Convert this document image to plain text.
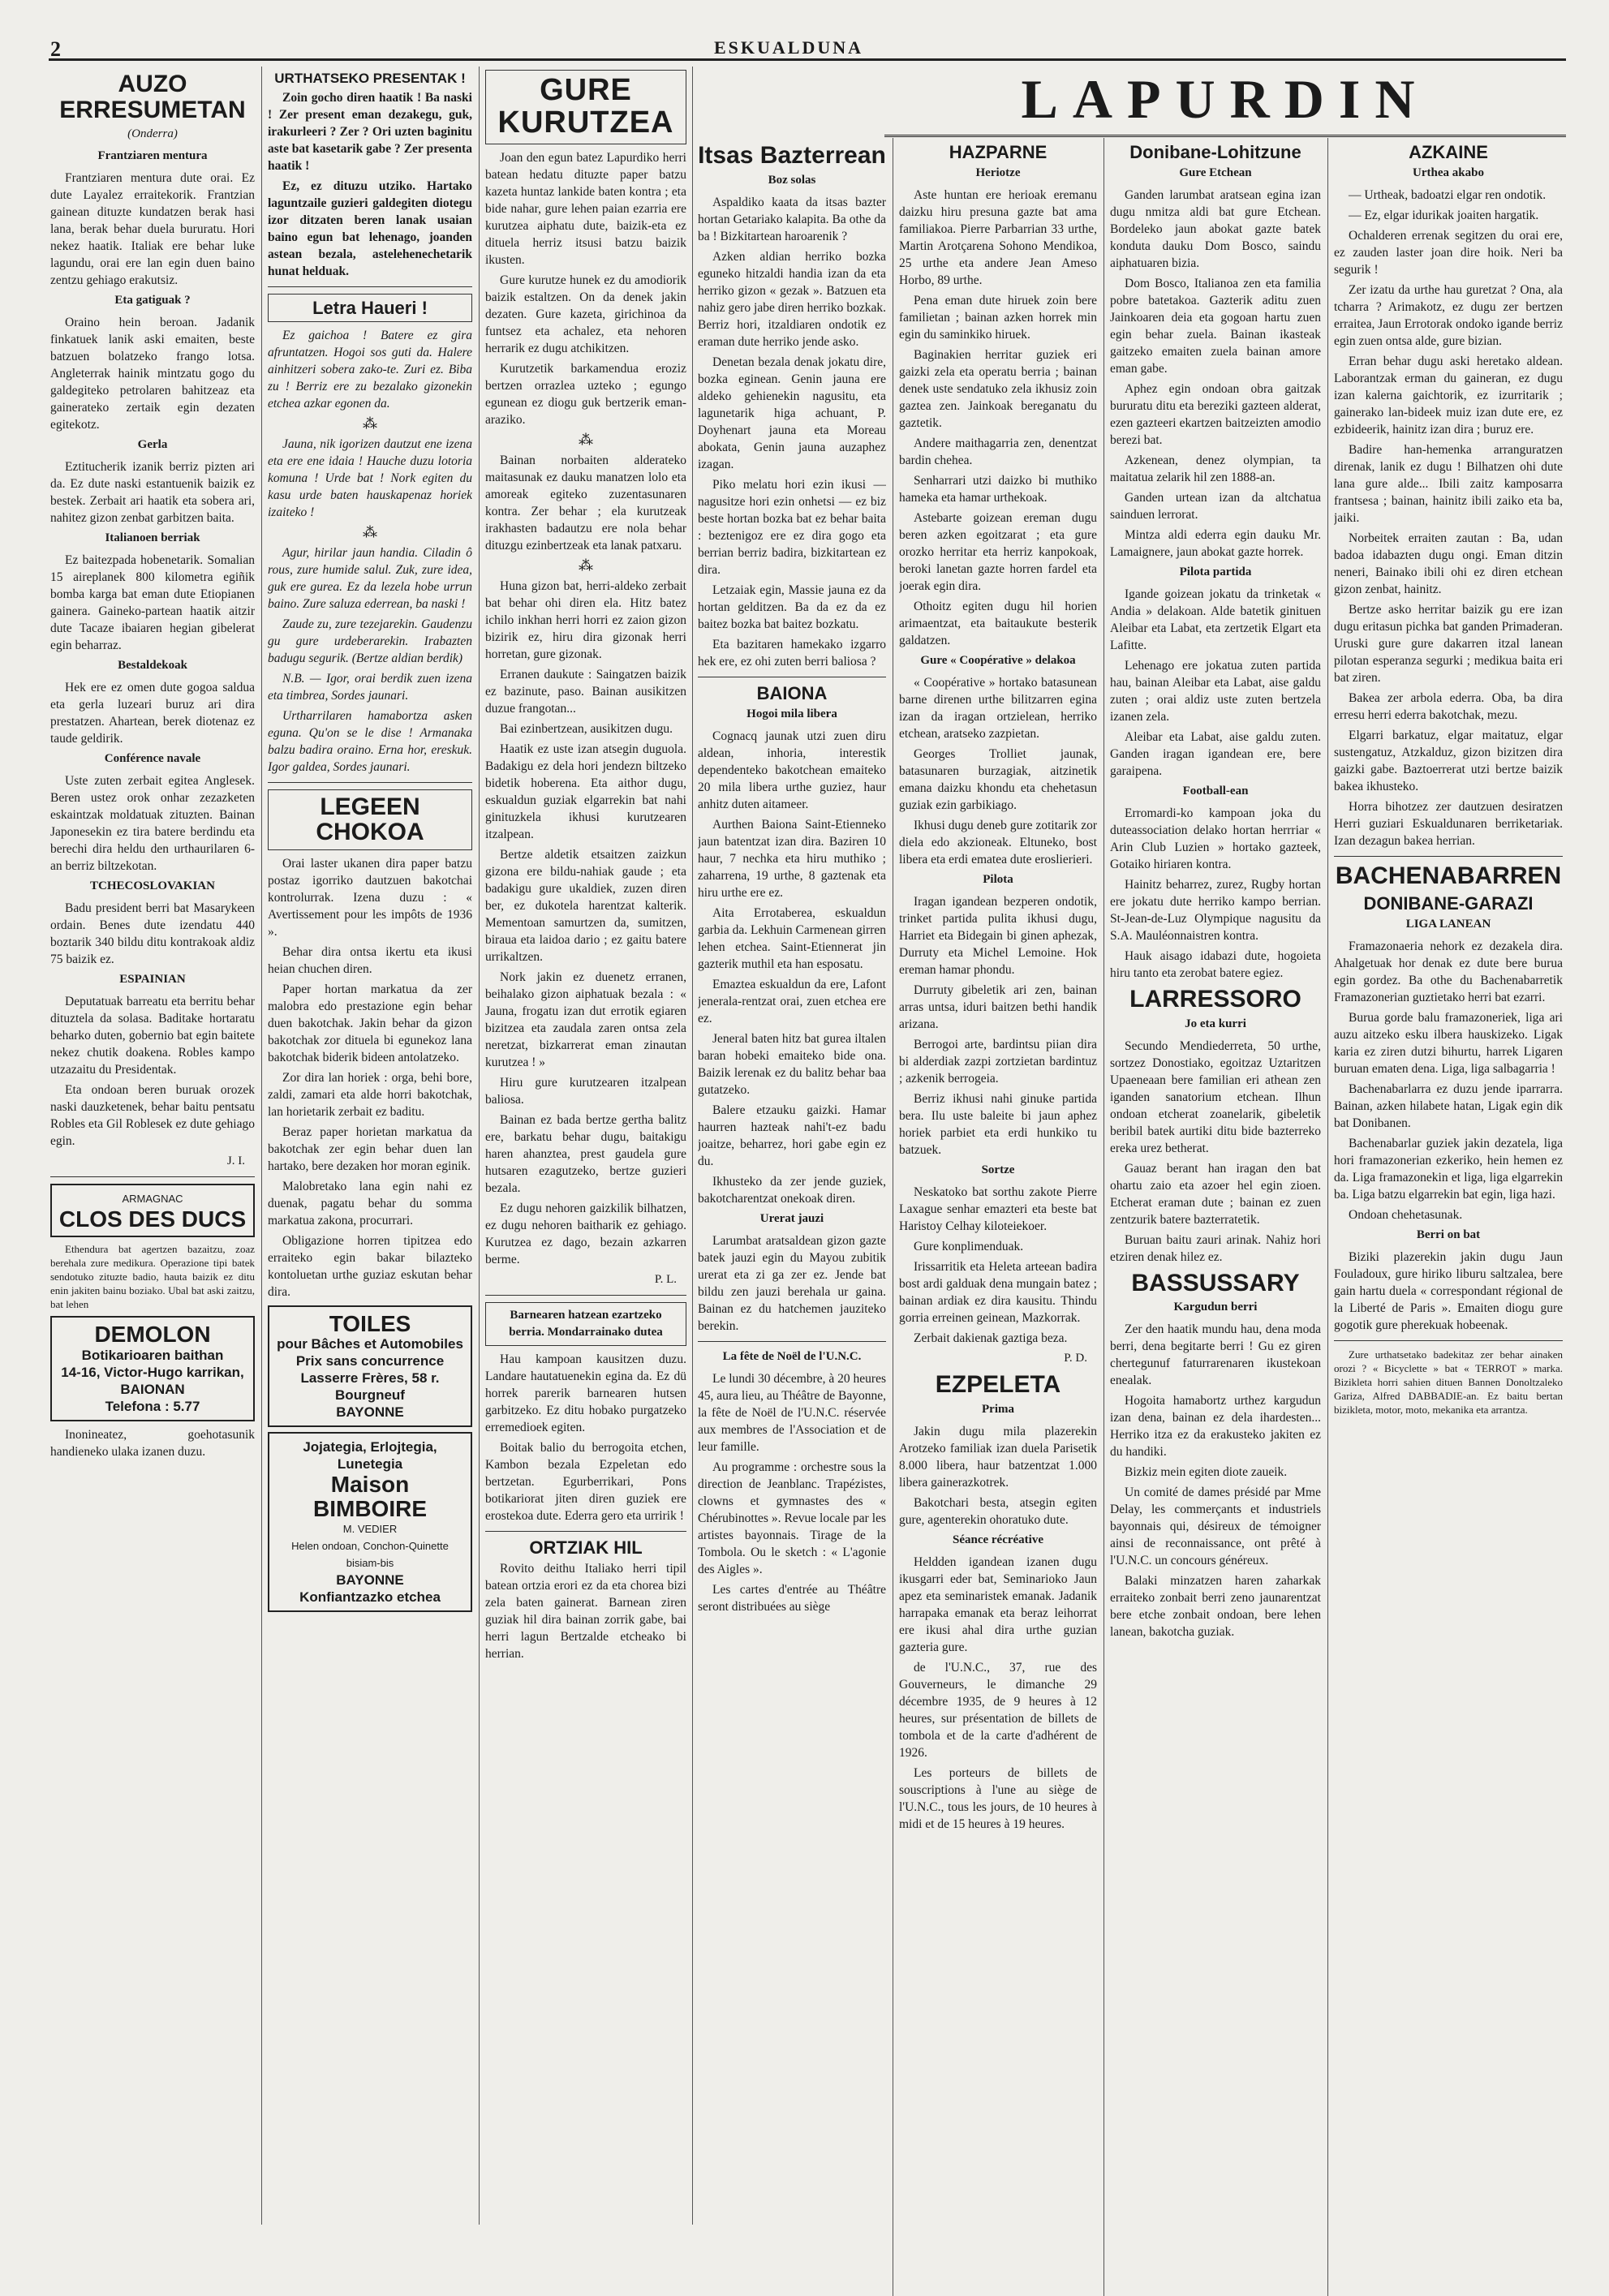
2	ESKUALDUNA
LAPURDIN
AUZO ERRESUMETAN
(Onderra)
Frantziaren mentura

Frantziaren mentura dute orai. Ez dute Layalez erraitekorik. Frantzian gainean dituzte kundatzen berak hasi lana, berak behar duela bururatu. Hori nekez haatik. Italiak ere behar luke lagundu, orai ere lan egin duen baino zentzu gehiago erakutsiz.

Eta gatiguak ?

Oraino hein beroan. Jadanik finkatuek lanik aski emaiten, beste batzuen bolatzeko frango lotsa. Angleterrak hainik mintzatu gogo du galdegiteko petrolaren bahitzeaz eta gainerateko zertaik egin dezaten egitekotz.

Gerla

Eztitucherik izanik berriz pizten ari da. Ez dute naski estantuenik baizik ez bestek. Zerbait ari haatik eta sobera ari, nahitez gizon zenbat garbitzen baita.

Italianoen berriak

Ez baitezpada hobenetarik. Somalian 15 aireplanek 800 kilometra egiñik bomba karga bat eman dute Etiopianen gainera. Gaineko-partean haatik aitzir dute Tacaze ibaiaren hegian gibelerat egin beharraz.

Bestaldekoak

Hek ere ez omen dute gogoa saldua eta gerla luzeari buruz ari dira prestatzen. Ahartean, berek diotenaz ez taude geldirik.

Conférence navale

Uste zuten zerbait egitea Anglesek. Beren ustez orok onhar zezazketen eskaintzak moldatuak zituzten. Bainan Japonesekin ez tira batere berdindu eta berechi dira heldu den urthaurilaren 6-an berriz biltzekotan.

TCHECOSLOVAKIAN

Badu president berri bat Masarykeen ordain. Benes dute izendatu 440 boztarik 340 bildu ditu kontrakoak aldiz 75 baizik ez.

ESPAINIAN

Deputatuak barreatu eta berritu behar dituztela da solasa. Baditake hortaratu beharko duten, gobernio bat egin baitete nekez chutik doakena. Robles kampo utzazaitu du Presidentak.

Eta ondoan beren buruak orozek naski dauzketenek, behar baitu pentsatu Robles eta Gil Roblesek ez dute gehiago egin.

J. I.
ARMAGNAC
CLOS DES DUCS

Ethendura bat agertzen bazaitzu, zoaz berehala zure medikura. Operazione tipi batek sendotuko zituzte badio, hauta baizik ez ditu enin jakiten bainu boziako. Ubal bat aski zaitzu, bat lehen

DEMOLON
Botikarioaren baithan
14-16, Victor-Hugo karrikan,
BAIONAN
Telefona : 5.77

Inonineatez, goehotasunik handieneko ulaka izanen duzu.

URTHATSEKO PRESENTAK !

Zoin gocho diren haatik ! Ba naski ! Zer present eman dezakegu, guk, irakurleeri ? Zer ? Ori uzten baginitu aste bat kasetarik gabe ? Zer presenta haatik !

Ez, ez dituzu utziko. Hartako laguntzaile guzieri galdegiten diotegu izor ditzaten beren lanak usaian baino egun bat lehenago, joanden astean bezala, astelehenechetarik hunat helduak.

Letra Haueri !

Ez gaichoa ! Batere ez gira afruntatzen. Hogoi sos guti da. Halere ainhitzeri sobera zako-te. Zuri ez. Biba zu ! Berriz ere zu bezalako gizonekin etchea azkar egonen da.

⁂

Jauna, nik igorizen dautzut ene izena eta ere ene idaia ! Hauche duzu lotoria komuna ! Urde bat ! Nork egiten du kasu urde baten hauskapenaz horiek izaiteko !

⁂

Agur, hirilar jaun handia. Ciladin ô rous, zure humide salul. Zuk, zure idea, guk ere gurea. Ez da lezela hobe urrun baino. Zure saluza ederrean, ba naski !

Zaude zu, zure tezejarekin. Gaudenzu gu gure urdeberarekin. Irabazten badugu segurik. (Bertze aldian berdik)

N.B. — Igor, orai berdik zuen izena eta timbrea, Sordes jaunari.

Urtharrilaren hamabortza asken eguna. Qu'on se le dise ! Armanaka balzu badira oraino. Erna hor, ereskuk. Igor galdea, Sordes jaunari.

LEGEEN CHOKOA

Orai laster ukanen dira paper batzu postaz igorriko dautzuen bakotchai kontrolurrak. Izena duzu : « Avertissement pour les impôts de 1936 ».

Behar dira ontsa ikertu eta ikusi heian chuchen diren.

Paper hortan markatua da zer malobra edo prestazione egin behar duen bakotchak. Jakin behar da gizon bakotchak zor dituela bi egunekoz lana bakotchak biderik bideen antolatzeko.

Zor dira lan horiek : orga, behi bore, zaldi, zamari eta alde horri bakotchak, lan horietarik zerbait ez baditu.

Beraz paper horietan markatua da bakotchak zer egin behar duen lan hartako, bere dezaken hor moran eginik.

Malobretako lana egin nahi ez duenak, pagatu behar du somma markatua zakona, procurrari.

Obligazione horren tipitzea edo erraiteko egin bakar bilazteko kontoluetan urthe guziaz eskutan behar dira.

TOILES
pour Bâches et Automobiles
Prix sans concurrence
Lasserre Frères, 58 r. Bourgneuf
BAYONNE
Jojategia, Erlojtegia, Lunetegia
Maison BIMBOIRE
M. VEDIER
Helen ondoan, Conchon-Quinette bisiam-bis
BAYONNE
Konfiantzazko etchea
GURE KURUTZEA

Joan den egun batez Lapurdiko herri batean hedatu dituzte paper batzu kazeta huntaz lankide baten kontra ; eta bide nahar, gure lehen paian ezarria ere kurutzea aiphatu dute, baizik-eta ez dituela herriz itsusi batzu baizik ikusten.

Gure kurutze hunek ez du amodiorik baizik estaltzen. On da denek jakin dezaten. Gure kazeta, girichinoa da funtsez eta achalez, eta nehoren herrarik ez dugu atchikitzen.

Kurutzetik barkamendua eroziz bertzen orrazlea uzteko ; egungo egunean ez diogu guk bertzerik eman-araziko.

⁂

Bainan norbaiten alderateko maitasunak ez dauku manatzen lolo eta amoreak egiteko zuzentasunaren kontra. Zer behar ; ela kurutzeak irakhasten badautzu ere nola behar dituzgu ezinbertzeak eta lanak patxaru.

⁂

Huna gizon bat, herri-aldeko zerbait bat behar ohi diren ela. Hitz batez ichilo inkhan herri horri ez zaion gizon bizirik ez, hiru dira gizonak herri horretan, gure gizonak.

Erranen daukute : Saingatzen baizik ez bazinute, paso. Bainan ausikitzen duzue frangotan...

Bai ezinbertzean, ausikitzen dugu.

Haatik ez uste izan atsegin duguola. Badakigu ez dela hori jendezn biltzeko bidetik hoberena. Eta aithor dugu, eskualdun guziak elgarrekin bat nahi ginituzkela ikhusi kurutzearen itzalpean.

Bertze aldetik etsaitzen zaizkun gizona ere bildu-nahiak gaude ; eta badakigu gure ukaldiek, zuzen diren ber, ez dukotela harentzat kalterik. Mementoan samurtzen da, sumitzen, biraua eta laidoa dario ; ez gaitu batere urrikaltzen.

Nork jakin ez duenetz erranen, beihalako gizon aiphatuak bezala : « Jauna, frogatu izan dut errotik egiaren bizitzea eta zaudala zaren ontsa zela neretzat, bizkarrerat eman zinautan kurutzea ! »

Hiru gure kurutzearen itzalpean baliosa.

Bainan ez bada bertze gertha balitz ere, barkatu behar dugu, baitakigu haren ahanztea, prest gaudela gure hutsaren ezagutzeko, bertze guzieri bezala.

Ez dugu nehoren gaizkilik bilhatzen, ez dugu nehoren baitharik ez gehiago. Kurutzea ez dago, bezain azkarren berme.

P. L.
Barnearen hatzean ezartzeko berria. Mondarrainako dutea

Hau kampoan kausitzen duzu. Landare hautatuenekin egina da. Ez dü horrek parerik barnearen hutsen garbitzeko. Ez ditu hobako purgatzeko erremedioek egiten.

Boitak balio du berrogoita etchen, Kambon bezala Ezpeletan edo bertzetan. Egurberrikari, Pons botikariorat jiten diren guziek ere erostekoa dute. Ederra gero eta urririk !

ORTZIAK HIL

Rovito deithu Italiako herri tipil batean ortzia erori ez da eta chorea bizi zela baten gainerat. Barnean ziren guziak hil dira bainan zorrik gabe, bai herri lagun Bertzalde etcheako bi herrian.

Itsas Bazterrean
Boz solas

Aspaldiko kaata da itsas bazter hortan Getariako kalapita. Ba othe da ba ! Bizkitartean haroarenik ?

Azken aldian herriko bozka eguneko hitzaldi handia izan da eta herriko gizon « gezak ». Batzuen eta nahiz gero jabe diren herriko bozkak. Berriz hori, itzaldiaren ondotik ez eraman dute herriko jende asko.

Denetan bezala denak jokatu dire, bozka eginean. Genin jauna ere aldeko gehienekin nagusitu, eta lagunetarik higa achuant, P. Doyhenart jauna eta Moreau abokata, Genin jauna auzaphez izagan.

Piko melatu hori ezin ikusi — nagusitze hori ezin onhetsi — ez biz beste hortan bozka bat ez behar baita : beztenigoz ere ez dira gogo eta berrian berriz badira, bizkitartean ez dira.

Letzaiak egin, Massie jauna ez da hortan gelditzen. Ba da ez da ez baitez bozka bat baitez bozkatu.

Eta bazitaren hamekako izgarro hek ere, ez ohi zuten berri baliosa ?

BAIONA
Hogoi mila libera

Cognacq jaunak utzi zuen diru aldean, inhoria, interestik dependenteko bakotchean emaiteko 20 mila libera urthe guziez, haur anhitz duten aitameer.

Aurthen Baiona Saint-Etienneko jaun batentzat izan dira. Baziren 10 haur, 7 nechka eta hiru muthiko ; zaharrena, 19 urthe, 8 gaztenak eta hiru urthe ere ez.

Aita Errotaberea, eskualdun garbia da. Lekhuin Carmenean girren lehen etchea. Saint-Etiennerat jin gazterik muthil eta han esposatu.

Emaztea eskualdun da ere, Lafont jenerala-rentzat orai, zuen etchea ere ez.

Jeneral baten hitz bat gurea iltalen baran hobeki emaiteko bide ona. Baizik lerenak ez du balitz behar baa gutatzeko.

Balere etzauku gaizki. Hamar haurren hazteak nahi't-ez badu joaitze, beharrez, hori gabe egin ez du.

Ikhusteko da zer jende guziek, bakotcharentzat onekoak diren.

Urerat jauzi

Larumbat aratsaldean gizon gazte batek jauzi egin du Mayou zubitik urerat eta zi ga zer ez. Jende bat bildu zen jauzi berehala ur gaina. Bainan ez du hatchemen jauziteko berekin.

La fête de Noël de l'U.N.C.

Le lundi 30 décembre, à 20 heures 45, aura lieu, au Théâtre de Bayonne, la fête de Noël de l'U.N.C. réservée aux membres de l'Association et de leur famille.

Au programme : orchestre sous la direction de Jeanblanc. Trapézistes, clowns et gymnastes des « Chérubinottes ». Revue locale par les artistes bayonnais. Tirage de la Tombola. Ou le sketch : « L'agonie des Aigles ».

Les cartes d'entrée au Théâtre seront distribuées au siège

HAZPARNE
Heriotze

Aste huntan ere herioak eremanu daizku hiru presuna gazte bat ama familiakoa. Pierre Parbarrian 33 urthe, Martin Arotçarena Sohono Mendikoa, 25 urthe eta andere Jean Ameso Horbo, 89 urthe.

Pena eman dute hiruek zoin bere familietan ; bainan azken horrek min egin du saminkiko hiruek.

Baginakien herritar guziek eri gaizki zela eta operatu berria ; bainan denek uste sendatuko zela ikhusiz zoin gaztea zen. Jainkoak bereganatu du gaztetik.

Andere maithagarria zen, denentzat bardin chehea.

Senharrari utzi daizko bi muthiko hameka eta hamar urthekoak.

Astebarte goizean ereman dugu beren azken egoitzarat ; eta gure orozko herritar eta herriz kanpokoak, beroki lanetan gazte horren fardel eta joerak egin dira.

Othoitz egiten dugu hil horien arimaentzat, eta baitaukute besterik galdatzen.

Gure « Coopérative » delakoa

« Coopérative » hortako batasunean barne direnen urthe bilitzarren egina izan da iragan ortzielean, herriko etchean, aratseko zazpietan.

Georges Trolliet jaunak, batasunaren burzagiak, aitzinetik emana daizku khondu eta chehetasun guziak ezin garbikiago.

Ikhusi dugu deneb gure zotitarik zor diela edo akzioneak. Eltuneko, bost libera eta erdi ematea dute eroslierieri.

Pilota

Iragan igandean bezperen ondotik, trinket partida pulita ikhusi dugu, Harriet eta Bidegain bi ginen aphezak, Durruty eta Michel Lemoine. Hok ereman hamar phondu.

Durruty gibeletik ari zen, bainan arras untsa, iduri baitzen bethi handik arizana.

Berrogoi arte, bardintsu piian dira bi alderdiak zazpi zortzietan bardintuz ; azkenik berrogeia.

Berriz ikhusi nahi ginuke partida bera. Ilu uste baleite bi jaun aphez horiek parbiet eta erdi hunkiko tu batzuek.

Sortze

Neskatoko bat sorthu zakote Pierre Laxague senhar emazteri eta beste bat Haristoy Celhay kiloteiekoer.

Gure konplimenduak.

Irissarritik eta Heleta arteean badira bost ardi galduak dena mungain batez ; bainan ardiak ez dira kausitu. Thindu gorria erreinen geinean, Mazkorrak.

Zerbait dakienak gaztiga beza.

P. D.
EZPELETA
Prima

Jakin dugu mila plazerekin Arotzeko familiak izan duela Parisetik 8.000 libera, haur batzentzat 1.000 libera gainerazkotrek.

Bakotchari besta, atsegin egiten gure, agenterekin ohoratuko dute.

Séance récréative

Heldden igandean izanen dugu ikusgarri eder bat, Seminarioko Jaun apez eta seminaristek emanak. Jadanik harrapaka emanak eta beraz leihorrat ere ikusi ahal dira urthe guzian gazteria gure.

de l'U.N.C., 37, rue des Gouverneurs, le dimanche 29 décembre 1935, de 9 heures à 12 heures, sur présentation de billets de tombola et de la carte d'adhérent de 1926.

Les porteurs de billets de souscriptions à l'une au siège de l'U.N.C., tous les jours, de 10 heures à midi et de 15 heures à 19 heures.

Donibane-Lohitzune
Gure Etchean

Ganden larumbat aratsean egina izan dugu nmitza aldi bat gure Etchean. Bordeleko jaun abokat gazte batek konduta dauku Dom Bosco, saindu aiphatuaren bizia.

Dom Bosco, Italianoa zen eta familia pobre batetakoa. Gazterik aditu zuen Jainkoaren deia eta gogoan hartu zuen egin behar zuela. Bainan ikasteak gaitzeko emaiten zuela bainan amore eman gabe.

Aphez egin ondoan obra gaitzak bururatu ditu eta bereziki gazteen alderat, ezen gazteeri ekartzen baitzeizten amodio berezi bat.

Azkenean, denez olympian, ta maitatua zelarik hil zen 1888-an.

Ganden urtean izan da altchatua sainduen lerrorat.

Mintza aldi ederra egin dauku Mr. Lamaignere, jaun abokat gazte horrek.

Pilota partida

Igande goizean jokatu da trinketak « Andia » delakoan. Alde batetik ginituen Aleibar eta Labat, eta zertzetik Elgart eta Lafitte.

Lehenago ere jokatua zuten partida hau, bainan Aleibar eta Labat, aise galdu zuten ; orai aldiz uste zuten bertzela izanen zela.

Aleibar eta Labat, aise galdu zuten. Ganden iragan igandean ere, bere garaipena.

Football-ean

Erromardi-ko kampoan joka du duteassociation delako hortan herrriar « Arin Club Luzien » hortako gazteek, Gotaiko hiriaren kontra.

Hainitz beharrez, zurez, Rugby hortan ere jokatu dute herriko kampo berrian. St-Jean-de-Luz Olympique nagusitu da S.A. Mauléonnaistren kontra.

Hauk aisago idabazi dute, hogoieta hiru tanto eta zerobat batere egiez.

LARRESSORO
Jo eta kurri

Secundo Mendiederreta, 50 urthe, sortzez Donostiako, egoitzaz Uztaritzen Upaeneaan bere familian eri athean zen iganden sanatorium etchean. Ilhun ondoan etcherat zoanelarik, gibeletik beribil batek aurtiki ditu bide bazterreko ereka urez betherat.

Gauaz berant han iragan den bat ohartu zaio eta azoer hel egin zioen. Etcherat eraman dute ; bainan ez zuen zentzurik batere bazterratetik.

Buruan baitu zauri arinak. Nahiz hori etziren denak hilez ez.

BASSUSSARY
Kargudun berri

Zer den haatik mundu hau, dena moda berri, dena begitarte berri ! Gu ez giren chertegunuf faturrarenaren ikustekoan enealak.

Hogoita hamabortz urthez kargudun izan dena, bainan ez dela ihardesten... Herriko itza ez da erakusteko jakiten ez du handiki.

Bizkiz mein egiten diote zaueik.

Un comité de dames présidé par Mme Delay, les commerçants et industriels bayonnais qui, désireux de témoigner ainsi de reconnaissance, ont prêté à l'U.N.C. un concours généreux.

Balaki minzatzen haren zaharkak erraiteko zonbait berri zeno jaunarentzat bere etche zonbait ondoan, bere lehen lanean, bakotcha guziak.

AZKAINE
Urthea akabo

— Urtheak, badoatzi elgar ren ondotik.

— Ez, elgar idurikak joaiten hargatik.

Ochalderen errenak segitzen du orai ere, ez zauden laster joan dire hoik. Neri ba segurik !

Zer izatu da urthe hau guretzat ? Ona, ala tcharra ? Arimakotz, ez dugu zer bertzen erraitea, Jaun Errotorak ondoko igande berriz egin zuen ontsa alde, gure bizian.

Erran behar dugu aski heretako aldean. Laborantzak erman du gaineran, ez dugu izan kalerna gaichtorik, ez izurritarik ; gainerako lan-bideek muiz izan dute ere, ez ezbideerik, hainitz izan dira ; buruz ere.

Badire han-hemenka arranguratzen direnak, lanik ez dugu ! Bilhatzen ohi dute lana gure alde... Ibili zaitz kamposarra frantsesa ; bainan, hainitz ibili zaiko eta ba, jaiki.

Norbeitek erraiten zautan : Ba, udan badoa idabazten dugu ongi. Eman ditzin neneri, Bainako ibili ohi ez diren etchean gizon zenbat, hainitz.

Bertze asko herritar baizik gu ere izan dugu eritasun pichka bat ganden Primaderan. Uruski gure gure dakarren itzal lanean pilotan esperanza segurki ; medikua baita eri bat ziren.

Bakea zer arbola ederra. Oba, ba dira erresu herri ederra bakotchak, mezu.

Elgarri barkatuz, elgar maitatuz, elgar sustengatuz, Atzkalduz, gizon bizitzen dira gaizki gabe. Baztoerrerat utzi bertze baizik bakea ikhusteko.

Horra bihotzez zer dautzuen desiratzen Herri guziari Eskualdunaren berriketariak. Izan dezagun bakea herrian.

BACHENABARREN
DONIBANE-GARAZI
LIGA LANEAN

Framazonaeria nehork ez dezakela dira. Ahalgetuak hor denak ez dute bere burua egin gordez. Ba othe du Bachenabarretik Framazonerian guztietako herri bat ezarri.

Burua gorde balu framazoneriek, liga ari auzu aitzeko esku ilbera hauskizeko. Ligak karia ez ziren dutzi bihurtu, harrek Ligaren buruan ematen dena. Liga, liga salbagarria !

Bachenabarlarra ez duzu jende iparrarra. Bainan, azken hilabete hatan, Ligak egin dik bat Donibanen.

Bachenabarlar guziek jakin dezatela, liga hori framazonerian ezkeriko, hein hemen ez da. Liga framazonekin et liga, liga elgarrekin ba. Liga batzu elgarrekin bat egin, liga hazi.

Ondoan chehetasunak.

Berri on bat

Biziki plazerekin jakin dugu Jaun Fouladoux, gure hiriko liburu saltzalea, bere gain hartu duela « correspondant régional de la Liberté de Paris ». Emaiten diogu gure gogotik gure pherekuak hobeenak.

Zure urthatsetako badekitaz zer behar ainaken orozi ? « Bicyclette » bat « TERROT » marka. Bizikleta horri sahien dituen Bannen Donoltzaleko Gariza, Alfred DABBADIE-an. Ez baitu bertan bizikleta, motor, moto, mekanika eta arrantza.
